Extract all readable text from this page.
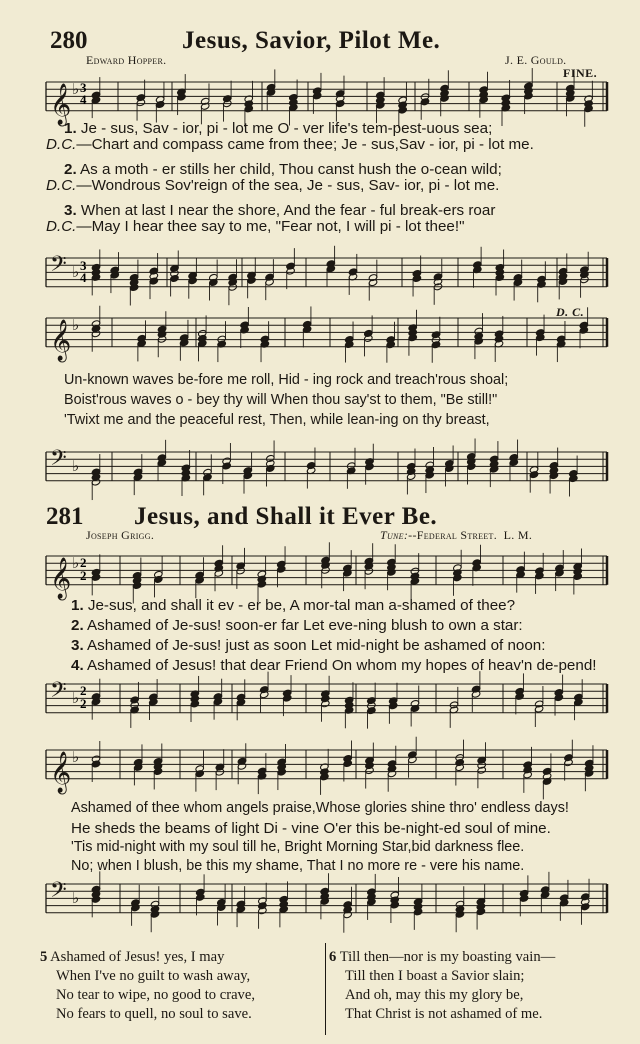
280	Jesus, Savior, Pilot Me.
Edward Hopper.	J. E. Gould.
FINE.
1. Je - sus, Sav - ior, pi - lot me O - ver life's tem-pest-uous sea;
D.C.—Chart and compass came from thee; Je - sus,Sav - ior, pi - lot me.
2. As a moth - er stills her child, Thou canst hush the o-cean wild;
D.C.—Wondrous Sov'reign of the sea, Je - sus, Sav- ior, pi - lot me.
3. When at last I near the shore, And the fear - ful break-ers roar
D.C.—May I hear thee say to me, "Fear not, I will pi - lot thee!"
D. C.
Un-known waves be-fore me roll, Hid - ing rock and treach'rous shoal;
Boist'rous waves o - bey thy will When thou say'st to them, "Be still!"
'Twixt me and the peaceful rest, Then, while lean-ing on thy breast,
281 Jesus, and Shall it Ever Be.
Joseph Grigg.	Tune:--Federal Street. L. M.
1. Je-sus, and shall it ev - er be, A mor-tal man a-shamed of thee?
2. Ashamed of Je-sus! soon-er far Let eve-ning blush to own a star:
3. Ashamed of Je-sus! just as soon Let mid-night be ashamed of noon:
4. Ashamed of Jesus! that dear Friend On whom my hopes of heav'n de-pend!
Ashamed of thee whom angels praise,Whose glories shine thro' endless days!
He sheds the beams of light Di - vine O'er this be-night-ed soul of mine.
'Tis mid-night with my soul till he, Bright Morning Star,bid darkness flee.
No; when I blush, be this my shame, That I no more re - vere his name.
5 Ashamed of Jesus! yes, I may
When I've no guilt to wash away,
No tear to wipe, no good to crave,
No fears to quell, no soul to save.
6 Till then—nor is my boasting vain—
Till then I boast a Savior slain;
And oh, may this my glory be,
That Christ is not ashamed of me.
𝄞 ♭
𝄢 ♭
𝄞 ♭
𝄢 ♭
𝄞 ♭
𝄢 ♭
𝄞 ♭
𝄢 ♭
3
4
3
4
2
2
2
2
